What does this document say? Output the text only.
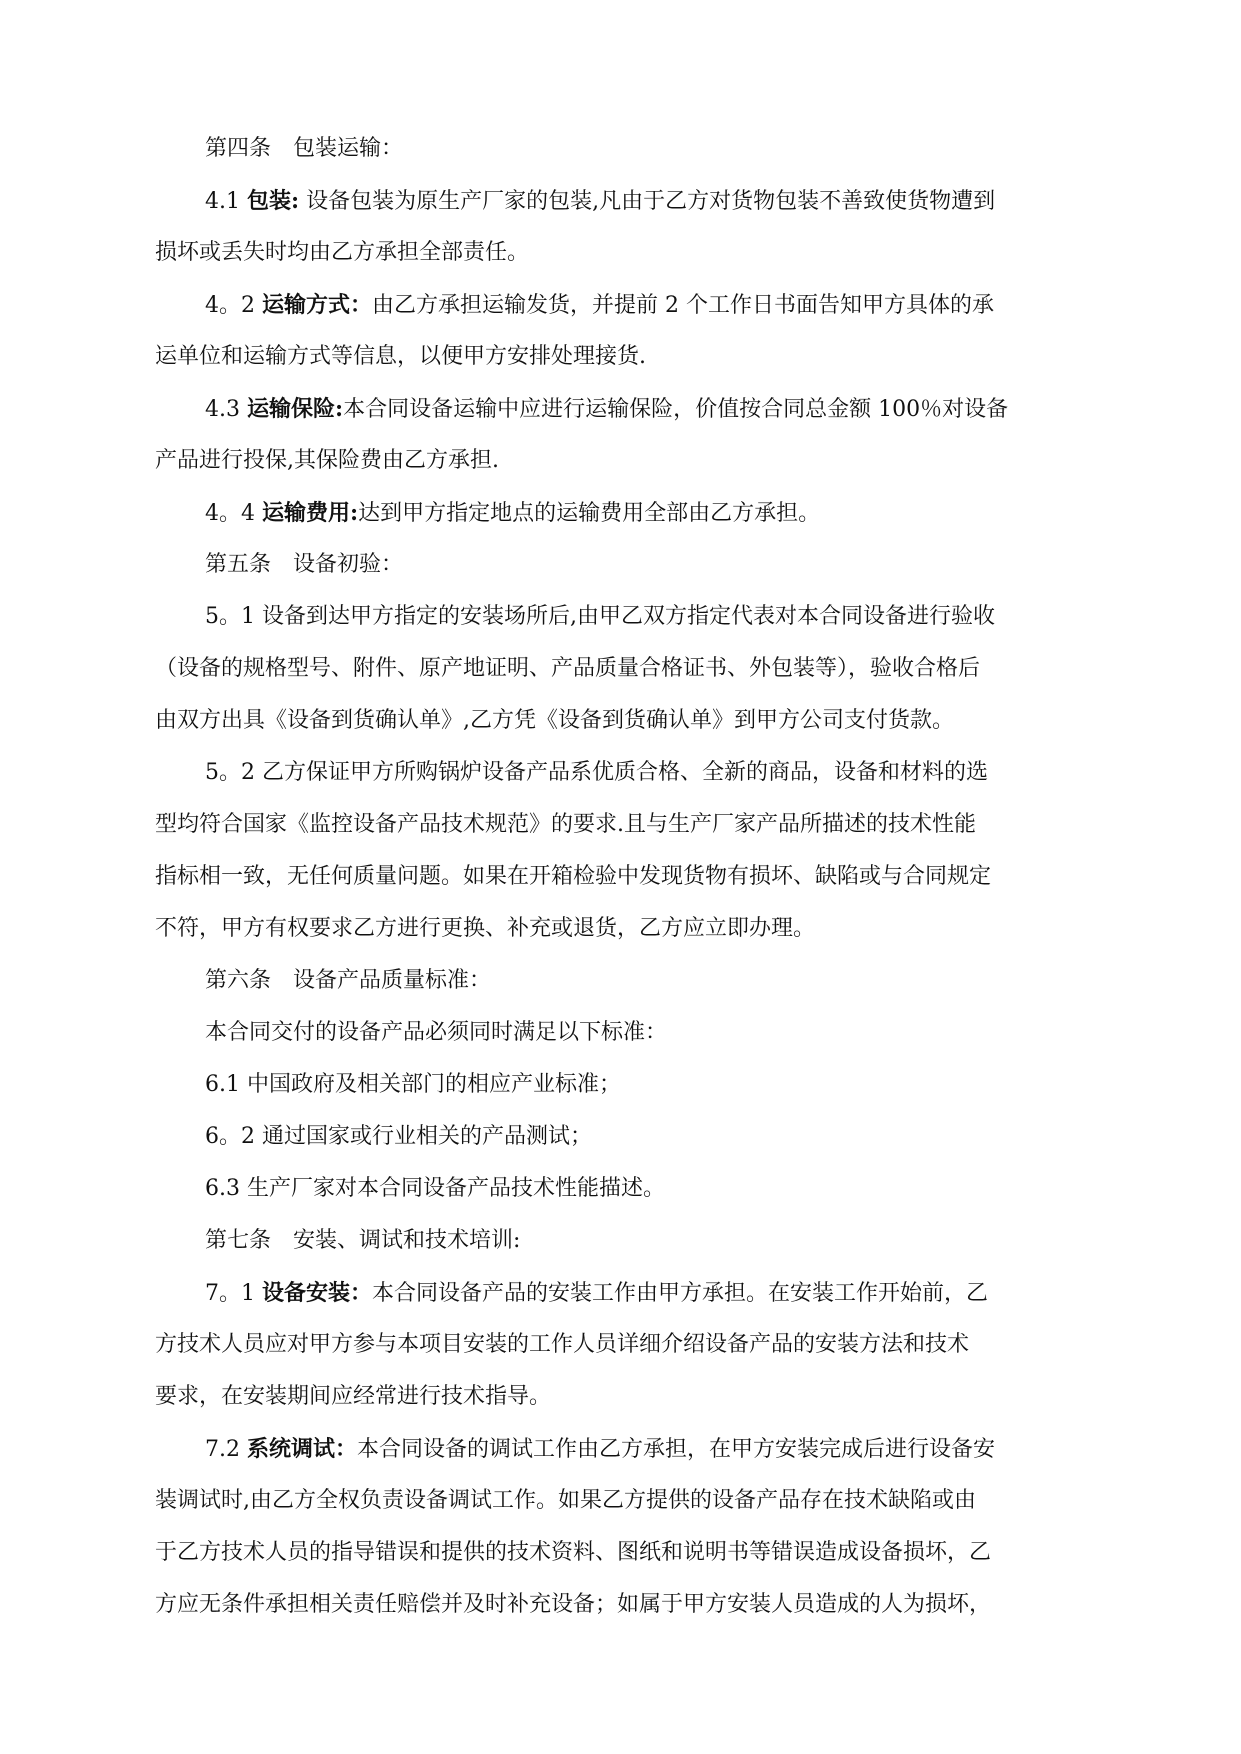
第四条 包装运输：
4.1 包装: 设备包装为原生产厂家的包装,凡由于乙方对货物包装不善致使货物遭到
损坏或丢失时均由乙方承担全部责任。
4。2 运输方式：由乙方承担运输发货，并提前 2 个工作日书面告知甲方具体的承
运单位和运输方式等信息，以便甲方安排处理接货.
4.3 运输保险:本合同设备运输中应进行运输保险，价值按合同总金额 100％对设备
产品进行投保,其保险费由乙方承担.
4。4 运输费用:达到甲方指定地点的运输费用全部由乙方承担。
第五条 设备初验：
5。1 设备到达甲方指定的安装场所后,由甲乙双方指定代表对本合同设备进行验收
（设备的规格型号、附件、原产地证明、产品质量合格证书、外包装等），验收合格后
由双方出具《设备到货确认单》,乙方凭《设备到货确认单》到甲方公司支付货款。
5。2 乙方保证甲方所购锅炉设备产品系优质合格、全新的商品，设备和材料的选
型均符合国家《监控设备产品技术规范》的要求.且与生产厂家产品所描述的技术性能
指标相一致，无任何质量问题。如果在开箱检验中发现货物有损坏、缺陷或与合同规定
不符，甲方有权要求乙方进行更换、补充或退货，乙方应立即办理。
第六条 设备产品质量标准：
本合同交付的设备产品必须同时满足以下标准：
6.1 中国政府及相关部门的相应产业标准；
6。2 通过国家或行业相关的产品测试；
6.3 生产厂家对本合同设备产品技术性能描述。
第七条 安装、调试和技术培训:
7。1 设备安装：本合同设备产品的安装工作由甲方承担。在安装工作开始前，乙
方技术人员应对甲方参与本项目安装的工作人员详细介绍设备产品的安装方法和技术
要求，在安装期间应经常进行技术指导。
7.2 系统调试：本合同设备的调试工作由乙方承担，在甲方安装完成后进行设备安
装调试时,由乙方全权负责设备调试工作。如果乙方提供的设备产品存在技术缺陷或由
于乙方技术人员的指导错误和提供的技术资料、图纸和说明书等错误造成设备损坏，乙
方应无条件承担相关责任赔偿并及时补充设备；如属于甲方安装人员造成的人为损坏，
